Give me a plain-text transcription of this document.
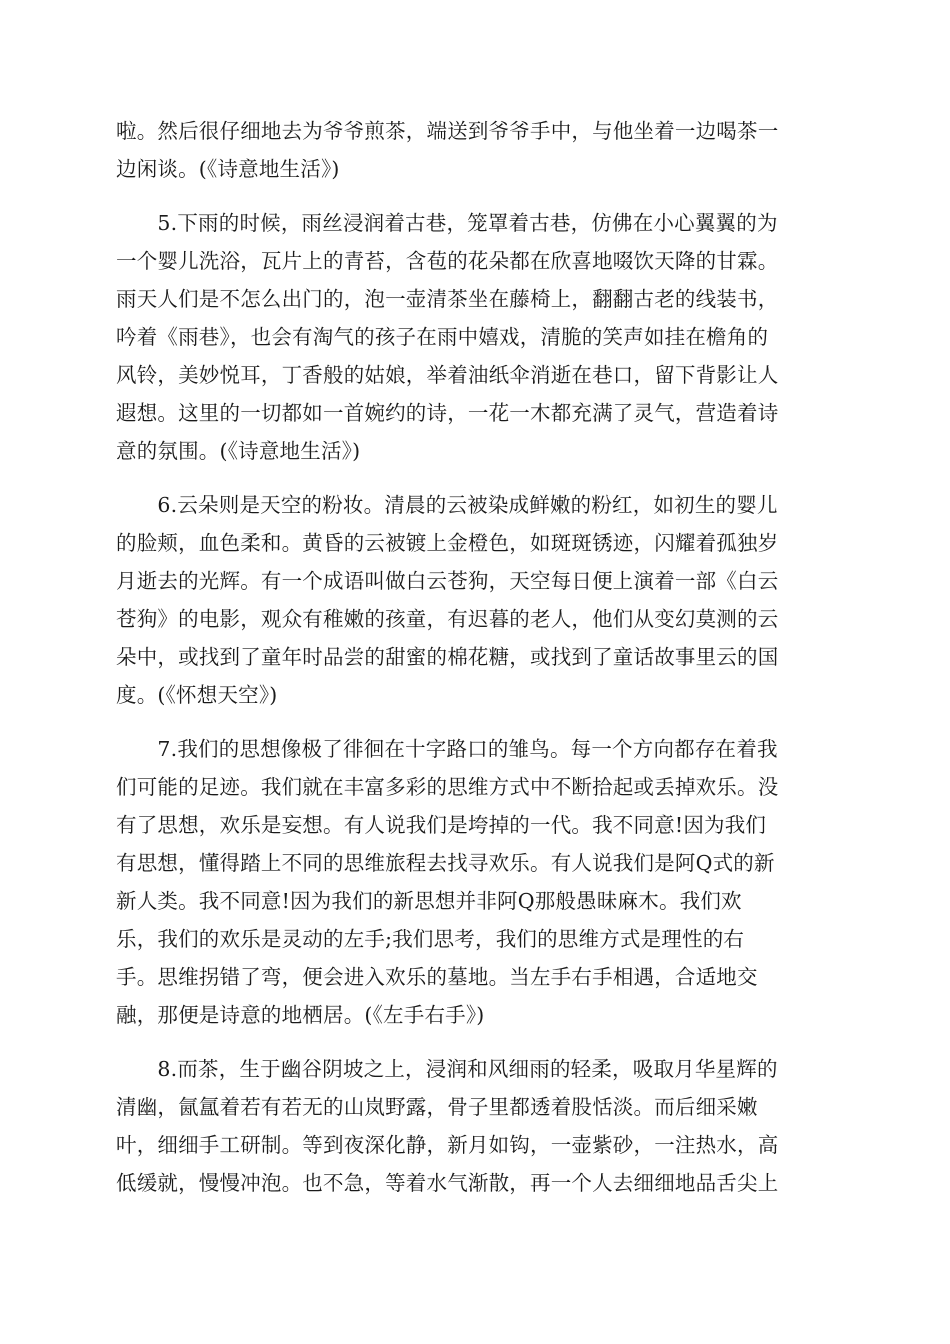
啦。然后很仔细地去为爷爷煎茶，端送到爷爷手中，与他坐着一边喝茶一
边闲谈。(《诗意地生活》)
　　5.下雨的时候，雨丝浸润着古巷，笼罩着古巷，仿佛在小心翼翼的为
一个婴儿洗浴，瓦片上的青苔，含苞的花朵都在欣喜地啜饮天降的甘霖。
雨天人们是不怎么出门的，泡一壶清茶坐在藤椅上，翻翻古老的线装书，
吟着《雨巷》，也会有淘气的孩子在雨中嬉戏，清脆的笑声如挂在檐角的
风铃，美妙悦耳，丁香般的姑娘，举着油纸伞消逝在巷口，留下背影让人
遐想。这里的一切都如一首婉约的诗，一花一木都充满了灵气，营造着诗
意的氛围。(《诗意地生活》)
　　6.云朵则是天空的粉妆。清晨的云被染成鲜嫩的粉红，如初生的婴儿
的脸颊，血色柔和。黄昏的云被镀上金橙色，如斑斑锈迹，闪耀着孤独岁
月逝去的光辉。有一个成语叫做白云苍狗，天空每日便上演着一部《白云
苍狗》的电影，观众有稚嫩的孩童，有迟暮的老人，他们从变幻莫测的云
朵中，或找到了童年时品尝的甜蜜的棉花糖，或找到了童话故事里云的国
度。(《怀想天空》)
　　7.我们的思想像极了徘徊在十字路口的雏鸟。每一个方向都存在着我
们可能的足迹。我们就在丰富多彩的思维方式中不断拾起或丢掉欢乐。没
有了思想，欢乐是妄想。有人说我们是垮掉的一代。我不同意!因为我们
有思想，懂得踏上不同的思维旅程去找寻欢乐。有人说我们是阿Q式的新
新人类。我不同意!因为我们的新思想并非阿Q那般愚昧麻木。我们欢
乐，我们的欢乐是灵动的左手;我们思考，我们的思维方式是理性的右
手。思维拐错了弯，便会进入欢乐的墓地。当左手右手相遇，合适地交
融，那便是诗意的地栖居。(《左手右手》)
　　8.而茶，生于幽谷阴坡之上，浸润和风细雨的轻柔，吸取月华星辉的
清幽，氤氲着若有若无的山岚野露，骨子里都透着股恬淡。而后细采嫩
叶，细细手工研制。等到夜深化静，新月如钩，一壶紫砂，一注热水，高
低缓就，慢慢冲泡。也不急，等着水气渐散，再一个人去细细地品舌尖上
